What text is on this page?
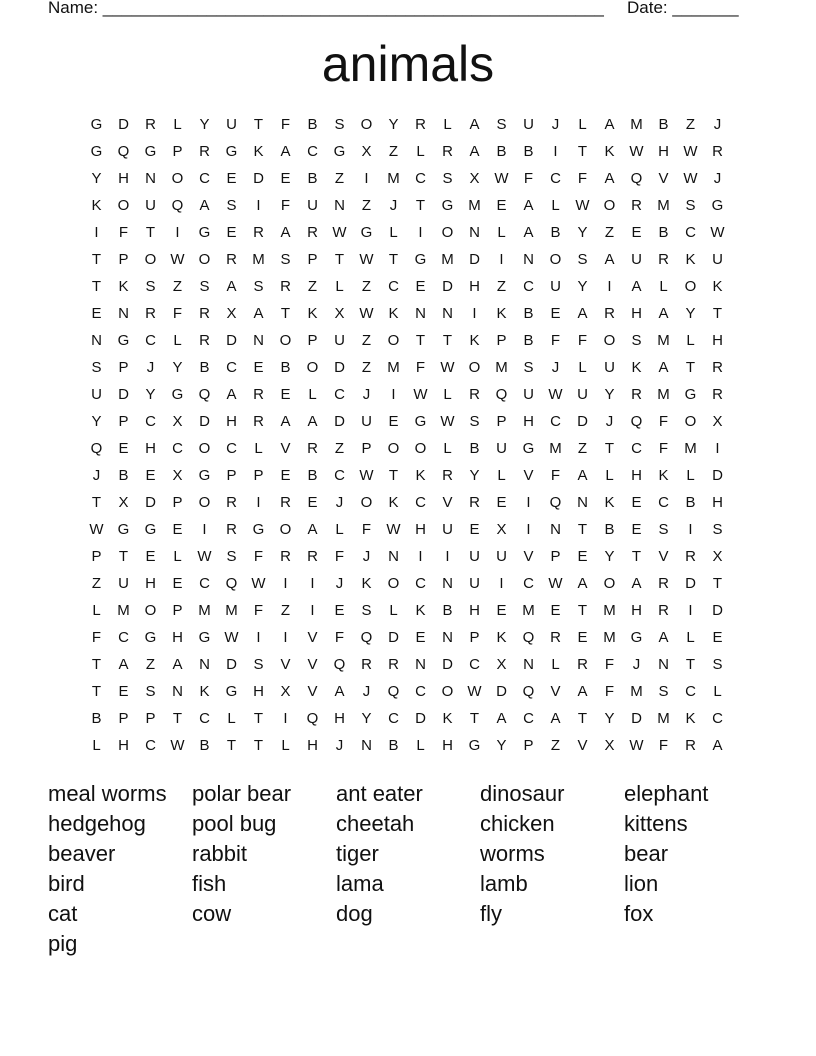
Name: _____________________________________________________ Date: _______
animals
G	D	R	L	Y	U	T	F	B	S	O	Y	R	L	A	S	U	J	L	A	M	B	Z	J
G	Q	G	P	R	G	K	A	C	G	X	Z	L	R	A	B	B	I	T	K W H W R
Y	H	N	O	C	E	D	E	B	Z	I	M	C	S	X W	F	C	F	A	Q	V W	J
K	O	U	Q	A	S	I	F	U	N	Z	J	T	G M	E	A	L	W O	R	M	S	G
I	F	T	I	G	E	R	A	R W G	L	I	O	N	L	A	B	Y	Z	E	B	C W
T	P	O W O	R	M	S	P	T	W	T	G M	D	I	N	O	S	A	U	R	K	U
T	K	S	Z	S	A	S	R	Z	L	Z	C	E	D	H	Z	C	U	Y	I	A	L	O	K
E	N	R	F	R	X	A	T	K	X W K	N	N	I	K	B	E	A	R	H	A	Y	T
N	G	C	L	R	D	N	O	P	U	Z	O	T	T	K	P	B	F	F	O	S	M	L	H
S	P	J	Y	B	C	E	B	O	D	Z	M	F	W O M	S	J	L	U	K	A	T	R
U	D	Y	G	Q	A	R	E	L	C	J	I	W	L	R	Q	U W U	Y	R	M G	R
Y	P	C	X	D	H	R	A	A	D	U	E	G W S	P	H	C	D	J	Q	F	O	X
Q	E	H	C	O	C	L	V	R	Z	P	O	O	L	B	U	G M	Z	T	C	F	M	I
J	B	E	X	G	P	P	E	B	C W	T	K	R	Y	L	V	F	A	L	H	K	L	D
T	X	D	P	O	R	I	R	E	J	O	K	C	V	R	E	I	Q	N	K	E	C	B	H
W G	G	E	I	R	G	O	A	L	F	W H	U	E	X	I	N	T	B	E	S	I	S
P	T	E	L	W S	F	R	R	F	J	N	I	I	U	U	V	P	E	Y	T	V	R	X
Z	U	H	E	C	Q W	I	I	J	K	O	C	N	U	I	C W A	O	A	R	D	T
L	M O	P	M M	F	Z	I	E	S	L	K	B	H	E	M	E	T	M	H	R	I	D
F	C	G	H	G W	I	I	V	F	Q	D	E	N	P	K	Q	R	E	M G	A	L	E
T	A	Z	A	N	D	S	V	V	Q	R	R	N	D	C	X	N	L	R	F	J	N	T	S
T	E	S	N	K	G	H	X	V	A	J	Q	C	O W D	Q	V	A	F	M	S	C	L
B	P	P	T	C	L	T	I	Q	H	Y	C	D	K	T	A	C	A	T	Y	D	M	K	C
L	H	C W B	T	T	L	H	J	N	B	L	H	G	Y	P	Z	V	X W	F	R	A
meal worms	polar bear	ant eater	dinosaur	elephant
hedgehog	pool bug	cheetah	chicken	kittens
beaver	rabbit	tiger	worms	bear
bird	fish	lama	lamb	lion
cat	cow	dog	fly	fox
pig
